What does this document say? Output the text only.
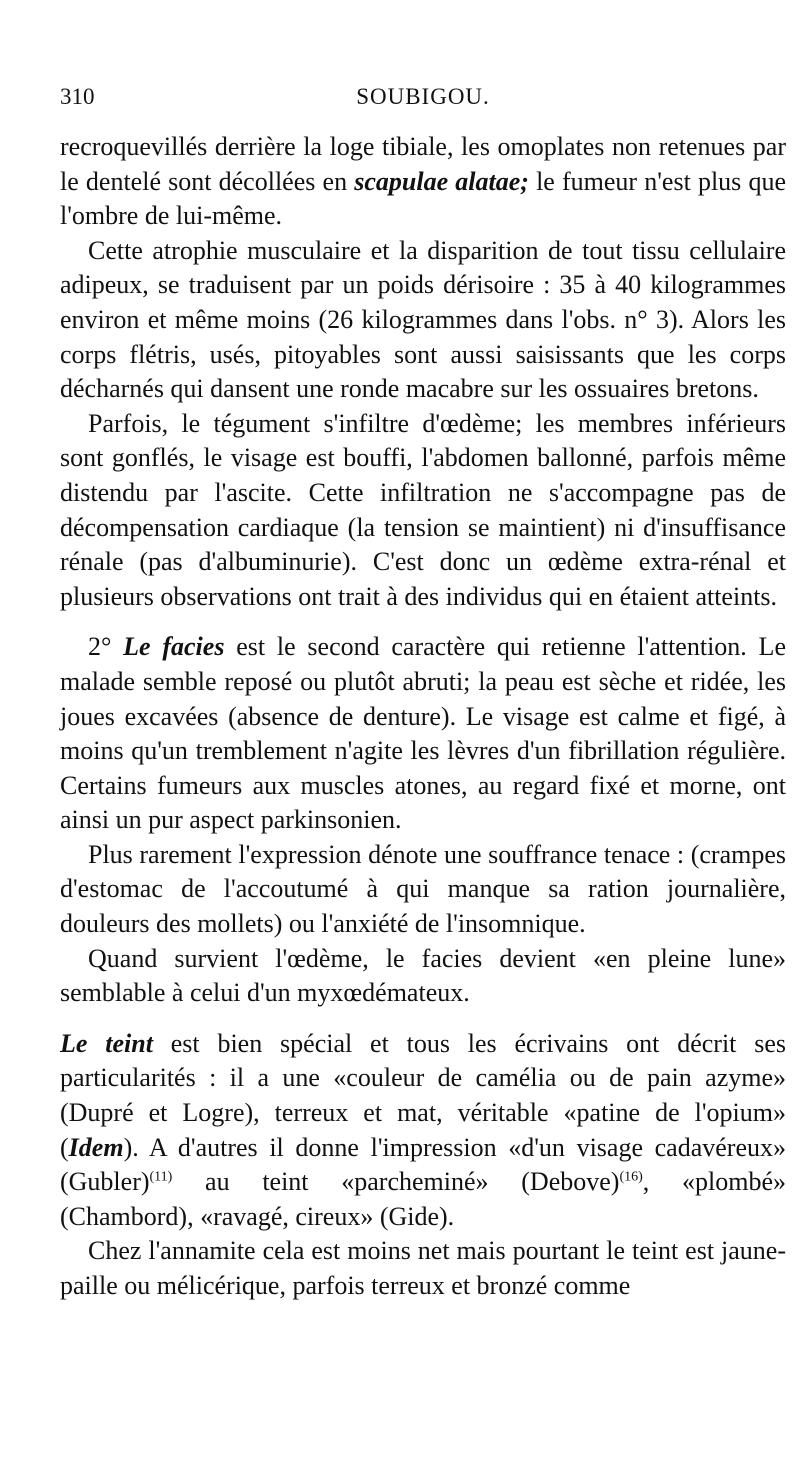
310	SOUBIGOU.

recroquevillés derrière la loge tibiale, les omoplates non retenues par le dentelé sont décollées en scapulae alatae; le fumeur n'est plus que l'ombre de lui-même.

Cette atrophie musculaire et la disparition de tout tissu cellulaire adipeux, se traduisent par un poids dérisoire : 35 à 40 kilogrammes environ et même moins (26 kilogrammes dans l'obs. n° 3). Alors les corps flétris, usés, pitoyables sont aussi saisissants que les corps décharnés qui dansent une ronde macabre sur les ossuaires bretons.

Parfois, le tégument s'infiltre d'œdème; les membres inférieurs sont gonflés, le visage est bouffi, l'abdomen ballonné, parfois même distendu par l'ascite. Cette infiltration ne s'accompagne pas de décompensation cardiaque (la tension se maintient) ni d'insuffisance rénale (pas d'albuminurie). C'est donc un œdème extra-rénal et plusieurs observations ont trait à des individus qui en étaient atteints.

2° Le facies est le second caractère qui retienne l'attention. Le malade semble reposé ou plutôt abruti; la peau est sèche et ridée, les joues excavées (absence de denture). Le visage est calme et figé, à moins qu'un tremblement n'agite les lèvres d'un fibrillation régulière. Certains fumeurs aux muscles atones, au regard fixé et morne, ont ainsi un pur aspect parkinsonien.

Plus rarement l'expression dénote une souffrance tenace : (crampes d'estomac de l'accoutumé à qui manque sa ration journalière, douleurs des mollets) ou l'anxiété de l'insomnique.

Quand survient l'œdème, le facies devient «en pleine lune» semblable à celui d'un myxœdémateux.

Le teint est bien spécial et tous les écrivains ont décrit ses particularités : il a une «couleur de camélia ou de pain azyme» (Dupré et Logre), terreux et mat, véritable «patine de l'opium» (Idem). A d'autres il donne l'impression «d'un visage cadavéreux» (Gubler)$^{(11)}$ au teint «parcheminé» (Debove)$^{(16)}$, «plombé» (Chambord), «ravagé, cireux» (Gide).

Chez l'annamite cela est moins net mais pourtant le teint est jaune-paille ou mélicérique, parfois terreux et bronzé comme
